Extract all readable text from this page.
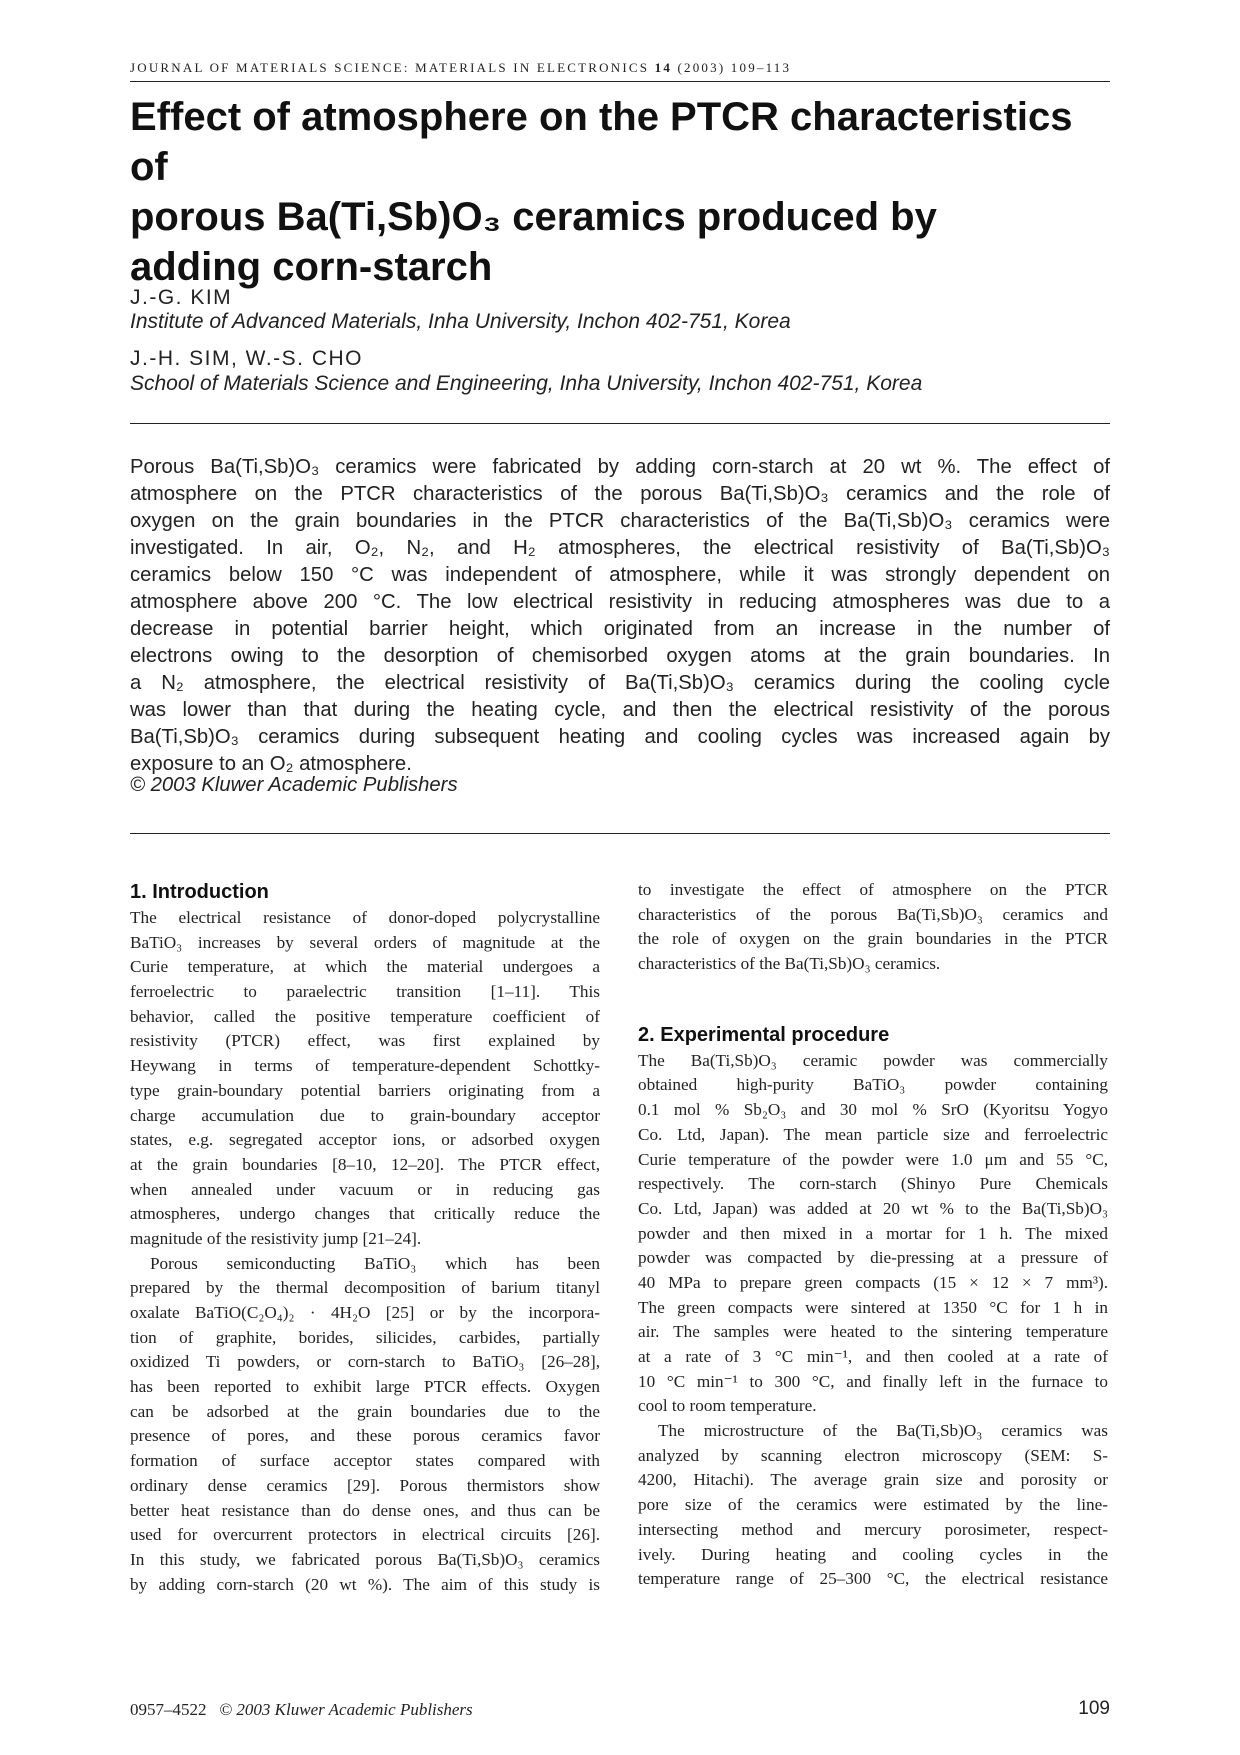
JOURNAL OF MATERIALS SCIENCE: MATERIALS IN ELECTRONICS 14 (2003) 109–113
Effect of atmosphere on the PTCR characteristics of
porous Ba(Ti,Sb)O₃ ceramics produced by
adding corn-starch
J.-G. KIM
Institute of Advanced Materials, Inha University, Inchon 402-751, Korea
J.-H. SIM, W.-S. CHO
School of Materials Science and Engineering, Inha University, Inchon 402-751, Korea
Porous Ba(Ti,Sb)O₃ ceramics were fabricated by adding corn-starch at 20 wt %. The effect of
atmosphere on the PTCR characteristics of the porous Ba(Ti,Sb)O₃ ceramics and the role of
oxygen on the grain boundaries in the PTCR characteristics of the Ba(Ti,Sb)O₃ ceramics were
investigated. In air, O₂, N₂, and H₂ atmospheres, the electrical resistivity of Ba(Ti,Sb)O₃
ceramics below 150 °C was independent of atmosphere, while it was strongly dependent on
atmosphere above 200 °C. The low electrical resistivity in reducing atmospheres was due to a
decrease in potential barrier height, which originated from an increase in the number of
electrons owing to the desorption of chemisorbed oxygen atoms at the grain boundaries. In
a N₂ atmosphere, the electrical resistivity of Ba(Ti,Sb)O₃ ceramics during the cooling cycle
was lower than that during the heating cycle, and then the electrical resistivity of the porous
Ba(Ti,Sb)O₃ ceramics during subsequent heating and cooling cycles was increased again by
exposure to an O₂ atmosphere.
© 2003 Kluwer Academic Publishers
1. Introduction
The electrical resistance of donor-doped polycrystalline
BaTiO₃ increases by several orders of magnitude at the
Curie temperature, at which the material undergoes a
ferroelectric to paraelectric transition [1–11]. This
behavior, called the positive temperature coefficient of
resistivity (PTCR) effect, was first explained by
Heywang in terms of temperature-dependent Schottky-
type grain-boundary potential barriers originating from a
charge accumulation due to grain-boundary acceptor
states, e.g. segregated acceptor ions, or adsorbed oxygen
at the grain boundaries [8–10, 12–20]. The PTCR effect,
when annealed under vacuum or in reducing gas
atmospheres, undergo changes that critically reduce the
magnitude of the resistivity jump [21–24].
Porous semiconducting BaTiO₃ which has been
prepared by the thermal decomposition of barium titanyl
oxalate BaTiO(C₂O₄)₂ · 4H₂O [25] or by the incorpora-
tion of graphite, borides, silicides, carbides, partially
oxidized Ti powders, or corn-starch to BaTiO₃ [26–28],
has been reported to exhibit large PTCR effects. Oxygen
can be adsorbed at the grain boundaries due to the
presence of pores, and these porous ceramics favor
formation of surface acceptor states compared with
ordinary dense ceramics [29]. Porous thermistors show
better heat resistance than do dense ones, and thus can be
used for overcurrent protectors in electrical circuits [26].
In this study, we fabricated porous Ba(Ti,Sb)O₃ ceramics
by adding corn-starch (20 wt %). The aim of this study is
to investigate the effect of atmosphere on the PTCR
characteristics of the porous Ba(Ti,Sb)O₃ ceramics and
the role of oxygen on the grain boundaries in the PTCR
characteristics of the Ba(Ti,Sb)O₃ ceramics.
2. Experimental procedure
The Ba(Ti,Sb)O₃ ceramic powder was commercially
obtained high-purity BaTiO₃ powder containing
0.1 mol % Sb₂O₃ and 30 mol % SrO (Kyoritsu Yogyo
Co. Ltd, Japan). The mean particle size and ferroelectric
Curie temperature of the powder were 1.0 μm and 55 °C,
respectively. The corn-starch (Shinyo Pure Chemicals
Co. Ltd, Japan) was added at 20 wt % to the Ba(Ti,Sb)O₃
powder and then mixed in a mortar for 1 h. The mixed
powder was compacted by die-pressing at a pressure of
40 MPa to prepare green compacts (15 × 12 × 7 mm³).
The green compacts were sintered at 1350 °C for 1 h in
air. The samples were heated to the sintering temperature
at a rate of 3 °C min⁻¹, and then cooled at a rate of
10 °C min⁻¹ to 300 °C, and finally left in the furnace to
cool to room temperature.
The microstructure of the Ba(Ti,Sb)O₃ ceramics was
analyzed by scanning electron microscopy (SEM: S-
4200, Hitachi). The average grain size and porosity or
pore size of the ceramics were estimated by the line-
intersecting method and mercury porosimeter, respect-
ively. During heating and cooling cycles in the
temperature range of 25–300 °C, the electrical resistance
0957–4522 © 2003 Kluwer Academic Publishers	109
